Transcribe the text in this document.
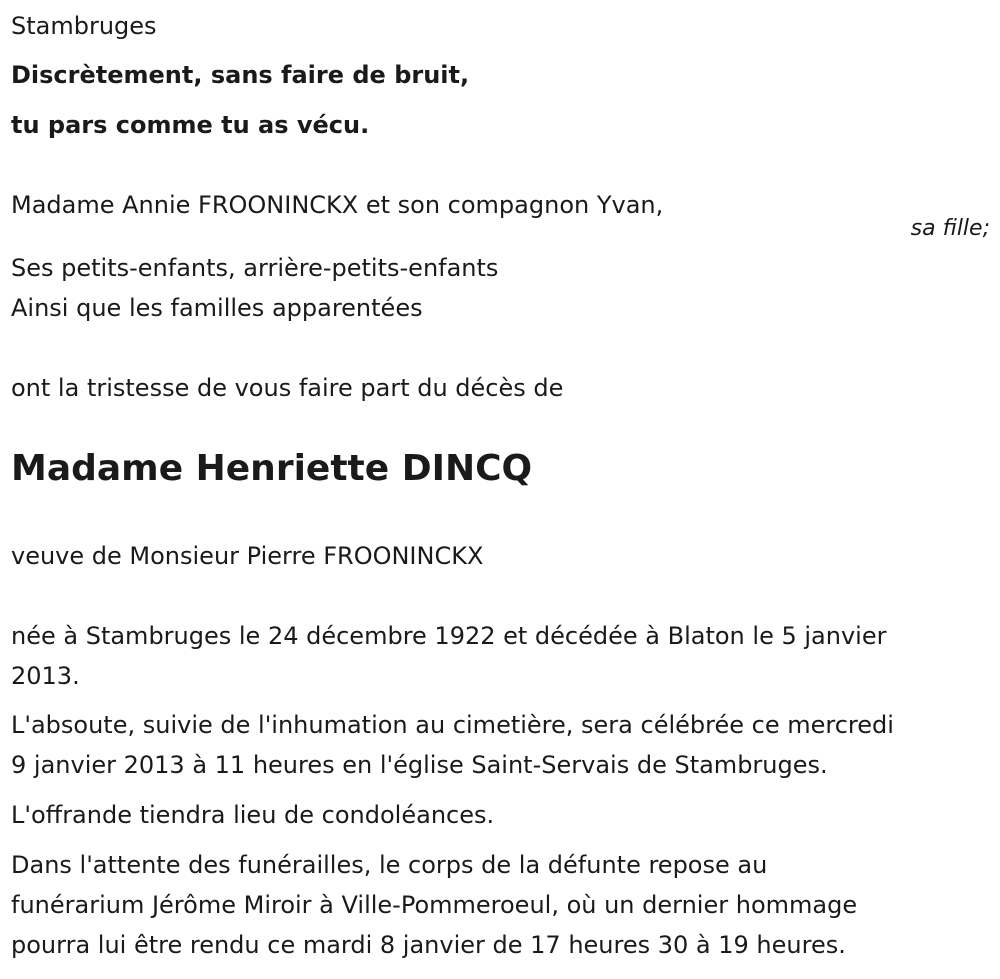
Stambruges

Discrètement, sans faire de bruit,

tu pars comme tu as vécu.

Madame Annie FROONINCKX et son compagnon Yvan,

sa fille;

Ses petits-enfants, arrière-petits-enfants

Ainsi que les familles apparentées

ont la tristesse de vous faire part du décès de

Madame Henriette DINCQ

veuve de Monsieur Pierre FROONINCKX

née à Stambruges le 24 décembre 1922 et décédée à Blaton le 5 janvier

2013.

L'absoute, suivie de l'inhumation au cimetière, sera célébrée ce mercredi

9 janvier 2013 à 11 heures en l'église Saint-Servais de Stambruges.

L'offrande tiendra lieu de condoléances.

Dans l'attente des funérailles, le corps de la défunte repose au

funérarium Jérôme Miroir à Ville-Pommeroeul, où un dernier hommage

pourra lui être rendu ce mardi 8 janvier de 17 heures 30 à 19 heures.
